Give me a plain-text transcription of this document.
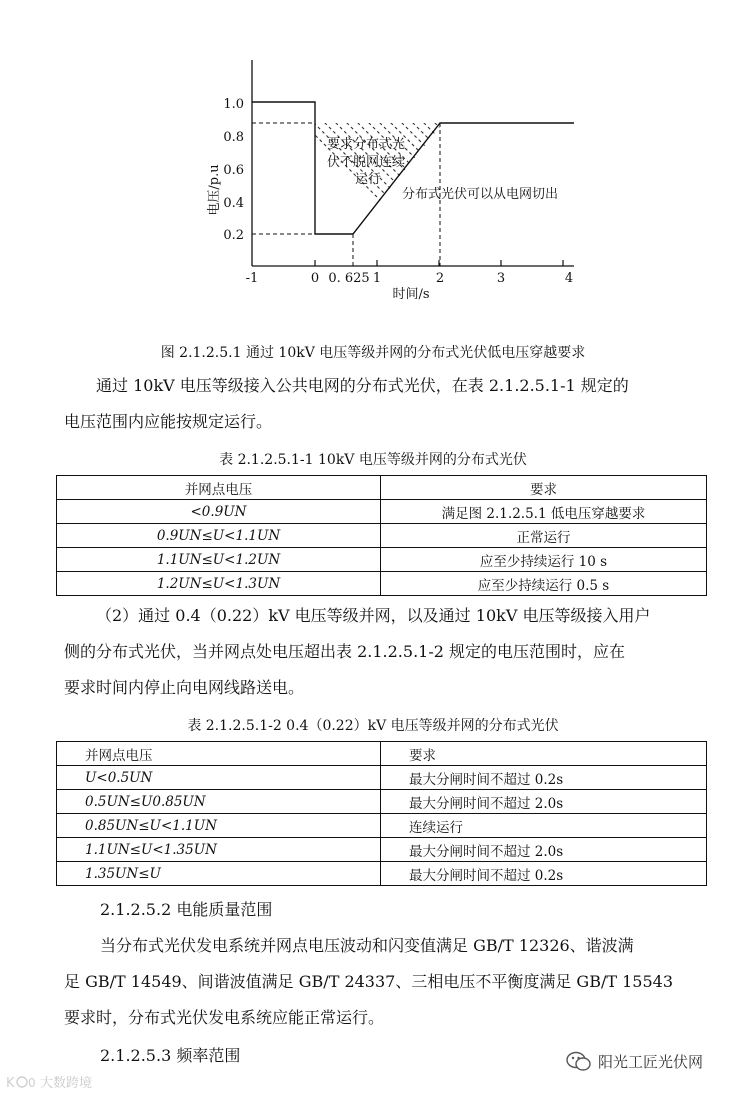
1.0
0.8
0.6
0.4
0.2
电压/p.u
-1	0 0. 625 1	2	3	4
时间/s
要求分布式光
伏不脱网连续
运行
分布式光伏可以从电网切出
图 2.1.2.5.1 通过 10kV 电压等级并网的分布式光伏低电压穿越要求
通过 10kV 电压等级接入公共电网的分布式光伏，在表 2.1.2.5.1-1 规定的
电压范围内应能按规定运行。
表 2.1.2.5.1-1 10kV 电压等级并网的分布式光伏
并网点电压	要求
<0.9UN	满足图 2.1.2.5.1 低电压穿越要求
0.9UN≤U<1.1UN	正常运行
1.1UN≤U<1.2UN	应至少持续运行 10 s
1.2UN≤U<1.3UN	应至少持续运行 0.5 s
（2）通过 0.4（0.22）kV 电压等级并网，以及通过 10kV 电压等级接入用户
侧的分布式光伏，当并网点处电压超出表 2.1.2.5.1-2 规定的电压范围时，应在
要求时间内停止向电网线路送电。
表 2.1.2.5.1-2 0.4（0.22）kV 电压等级并网的分布式光伏
并网点电压	要求
U<0.5UN	最大分闸时间不超过 0.2s
0.5UN≤U0.85UN	最大分闸时间不超过 2.0s
0.85UN≤U<1.1UN	连续运行
1.1UN≤U<1.35UN	最大分闸时间不超过 2.0s
1.35UN≤U	最大分闸时间不超过 0.2s
2.1.2.5.2 电能质量范围
当分布式光伏发电系统并网点电压波动和闪变值满足 GB/T 12326、谐波满
足 GB/T 14549、间谐波值满足 GB/T 24337、三相电压不平衡度满足 GB/T 15543
要求时，分布式光伏发电系统应能正常运行。
2.1.2.5.3 频率范围
K 0 大数跨境
阳光工匠光伏网
